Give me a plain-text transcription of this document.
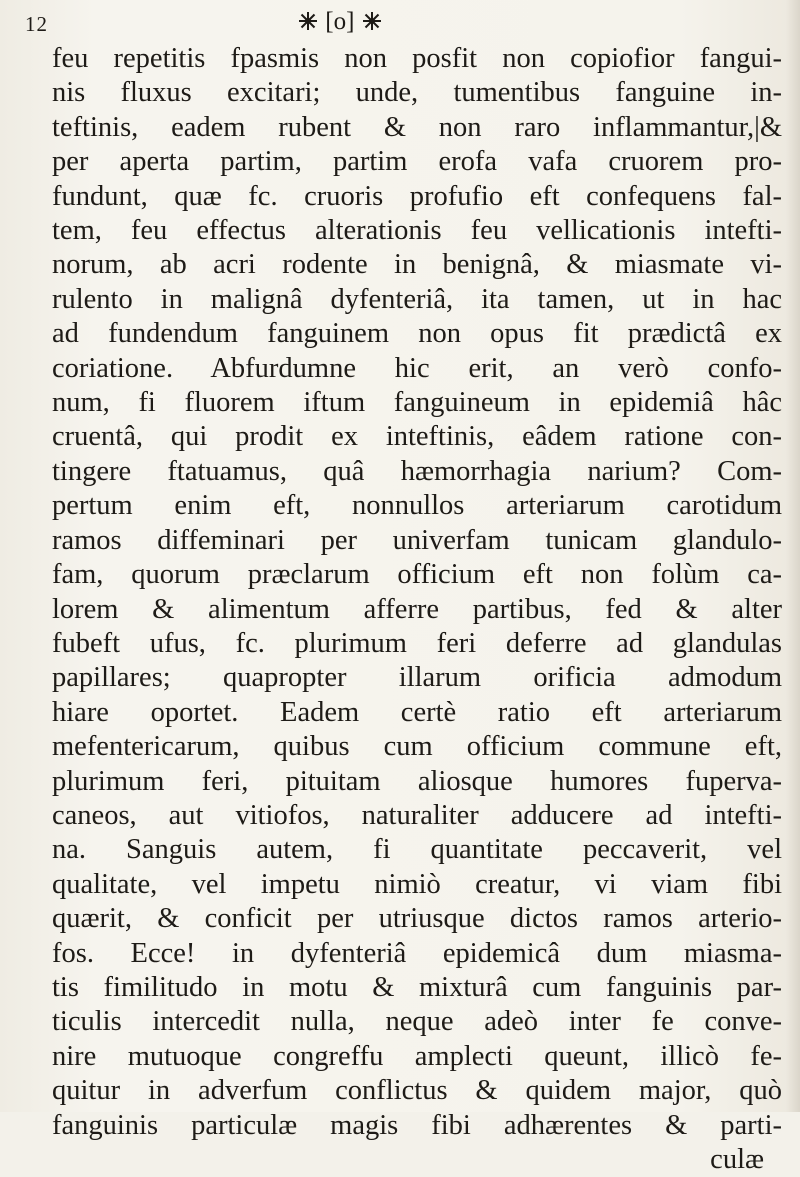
12	[o]
feu repetitis fpasmis non posfit non copiofior fangui-
nis fluxus excitari; unde, tumentibus fanguine in-
teftinis, eadem rubent & non raro inflammantur,|&
per aperta partim, partim erofa vafa cruorem pro-
fundunt, quæ fc. cruoris profufio eft confequens fal-
tem, feu effectus alterationis feu vellicationis intefti-
norum, ab acri rodente in benignâ, & miasmate vi-
rulento in malignâ dyfenteriâ, ita tamen, ut in hac
ad fundendum fanguinem non opus fit prædictâ ex
coriatione. Abfurdumne hic erit, an verò confo-
num, fi fluorem iftum fanguineum in epidemiâ hâc
cruentâ, qui prodit ex inteftinis, eâdem ratione con-
tingere ftatuamus, quâ hæmorrhagia narium? Com-
pertum enim eft, nonnullos arteriarum carotidum
ramos diffeminari per univerfam tunicam glandulo-
fam, quorum præclarum officium eft non folùm ca-
lorem & alimentum afferre partibus, fed & alter
fubeft ufus, fc. plurimum feri deferre ad glandulas
papillares; quapropter illarum orificia admodum
hiare oportet. Eadem certè ratio eft arteriarum
mefentericarum, quibus cum officium commune eft,
plurimum feri, pituitam aliosque humores fuperva-
caneos, aut vitiofos, naturaliter adducere ad intefti-
na. Sanguis autem, fi quantitate peccaverit, vel
qualitate, vel impetu nimiò creatur, vi viam fibi
quærit, & conficit per utriusque dictos ramos arterio-
fos. Ecce! in dyfenteriâ epidemicâ dum miasma-
tis fimilitudo in motu & mixturâ cum fanguinis par-
ticulis intercedit nulla, neque adeò inter fe conve-
nire mutuoque congreffu amplecti queunt, illicò fe-
quitur in adverfum conflictus & quidem major, quò
fanguinis particulæ magis fibi adhærentes & parti-
culæ
